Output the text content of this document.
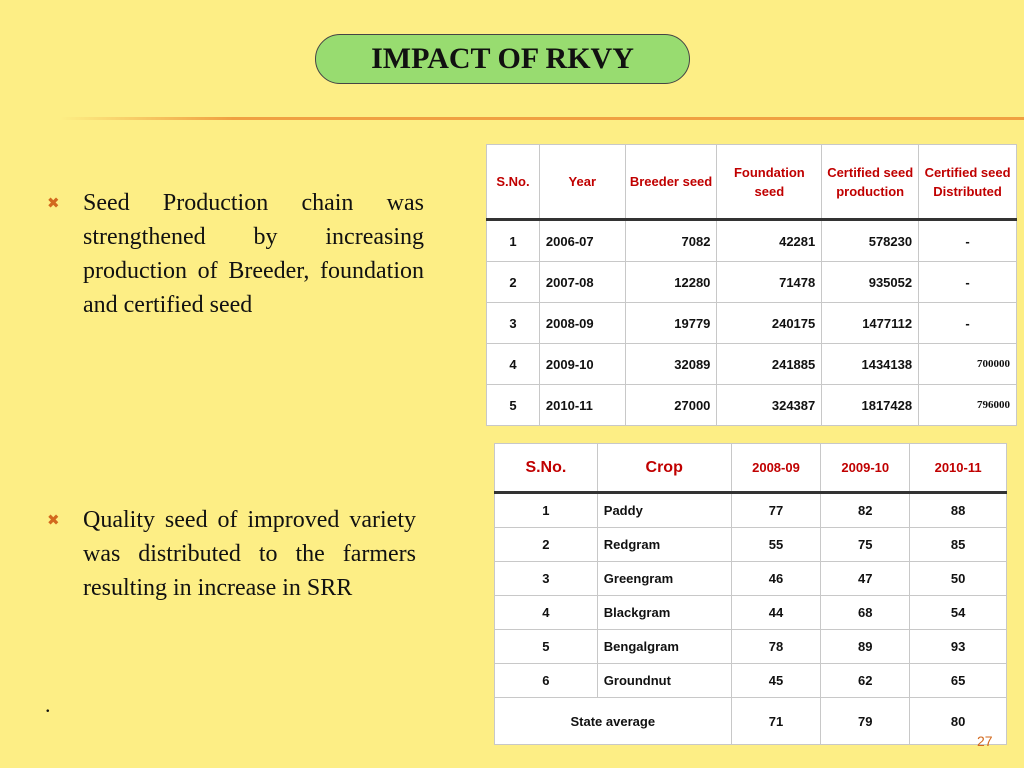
IMPACT OF RKVY
✖ Seed Production chain was strengthened by increasing production of Breeder, foundation and certified seed
✖ Quality seed of improved variety was distributed to the farmers resulting in increase in SRR
.
S.No.	Year	Breeder seed	Foundation seed	Certified seed production	Certified seed Distributed
1	2006-07	7082	42281	578230	-
2	2007-08	12280	71478	935052	-
3	2008-09	19779	240175	1477112	-
4	2009-10	32089	241885	1434138	700000
5	2010-11	27000	324387	1817428	796000
S.No.	Crop	2008-09	2009-10	2010-11
1	Paddy	77	82	88
2	Redgram	55	75	85
3	Greengram	46	47	50
4	Blackgram	44	68	54
5	Bengalgram	78	89	93
6	Groundnut	45	62	65
State average		71	79	80
27
